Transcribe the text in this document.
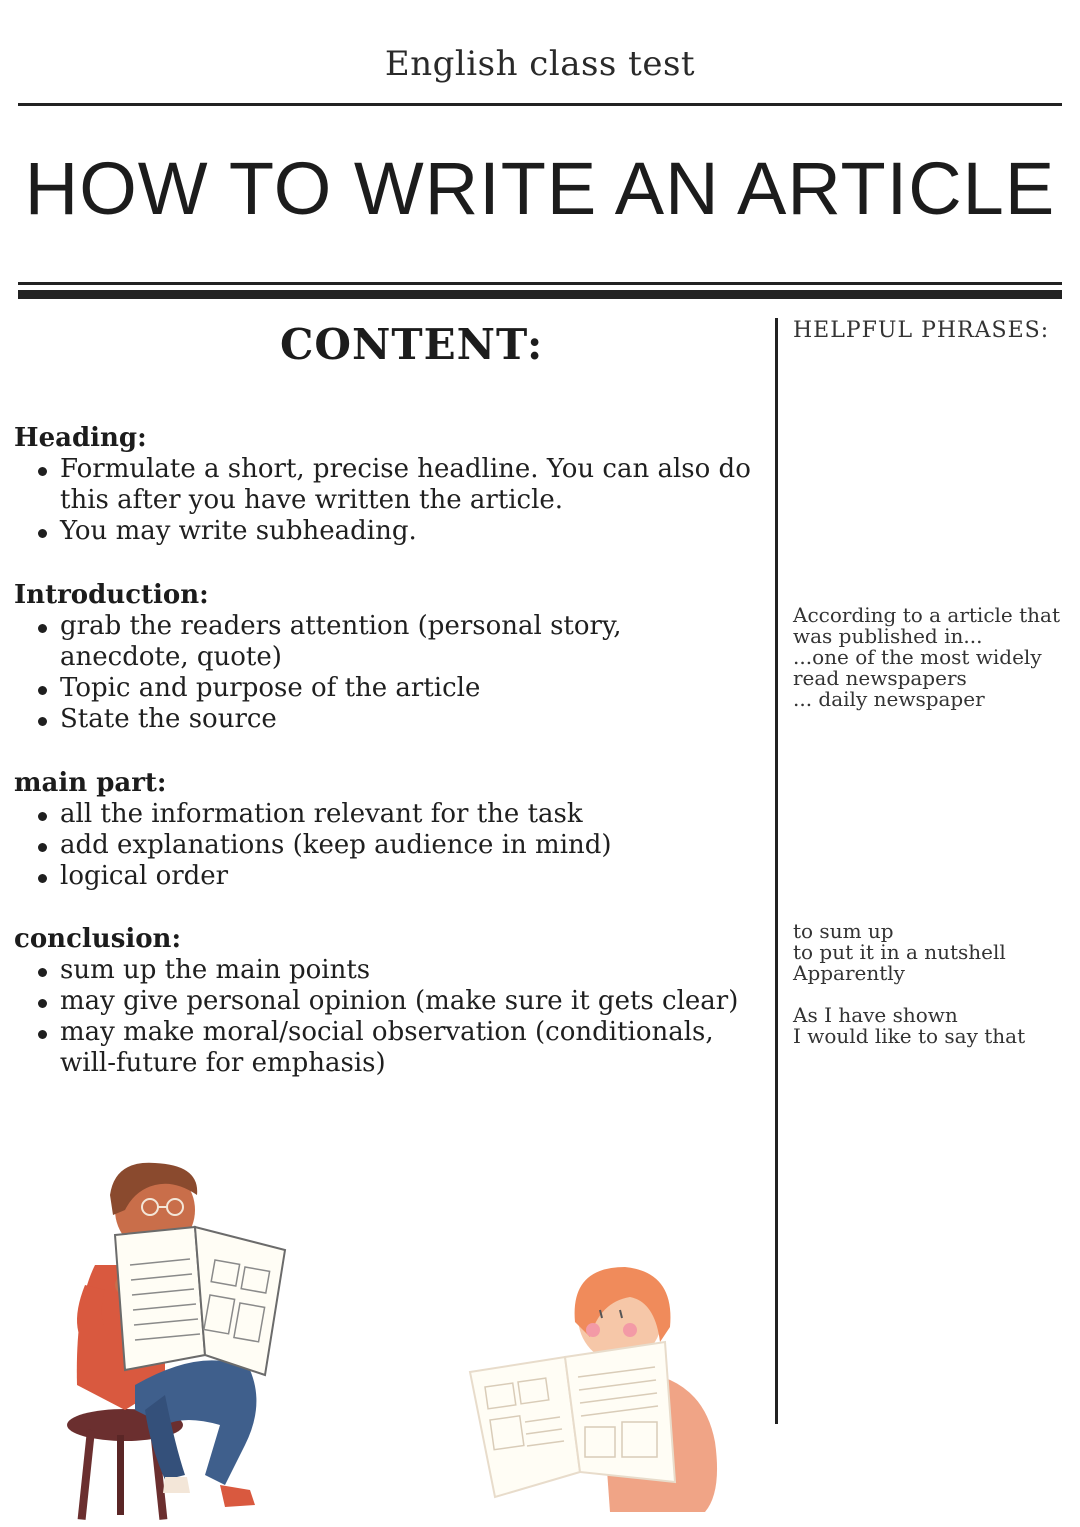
English class test
HOW TO WRITE AN ARTICLE
CONTENT:	HELPFUL PHRASES:
Heading:
Formulate a short, precise headline. You can also do this after you have written the article.
You may write subheading.
Introduction:
grab the readers attention (personal story, anecdote, quote)
Topic and purpose of the article
State the source
main part:
all the information relevant for the task
add explanations (keep audience in mind)
logical order
conclusion:
sum up the main points
may give personal opinion (make sure it gets clear)
may make moral/social observation (conditionals, will-future for emphasis)
According to a article that
was published in...
...one of the most widely
read newspapers
... daily newspaper
to sum up
to put it in a nutshell
Apparently
As I have shown
I would like to say that
